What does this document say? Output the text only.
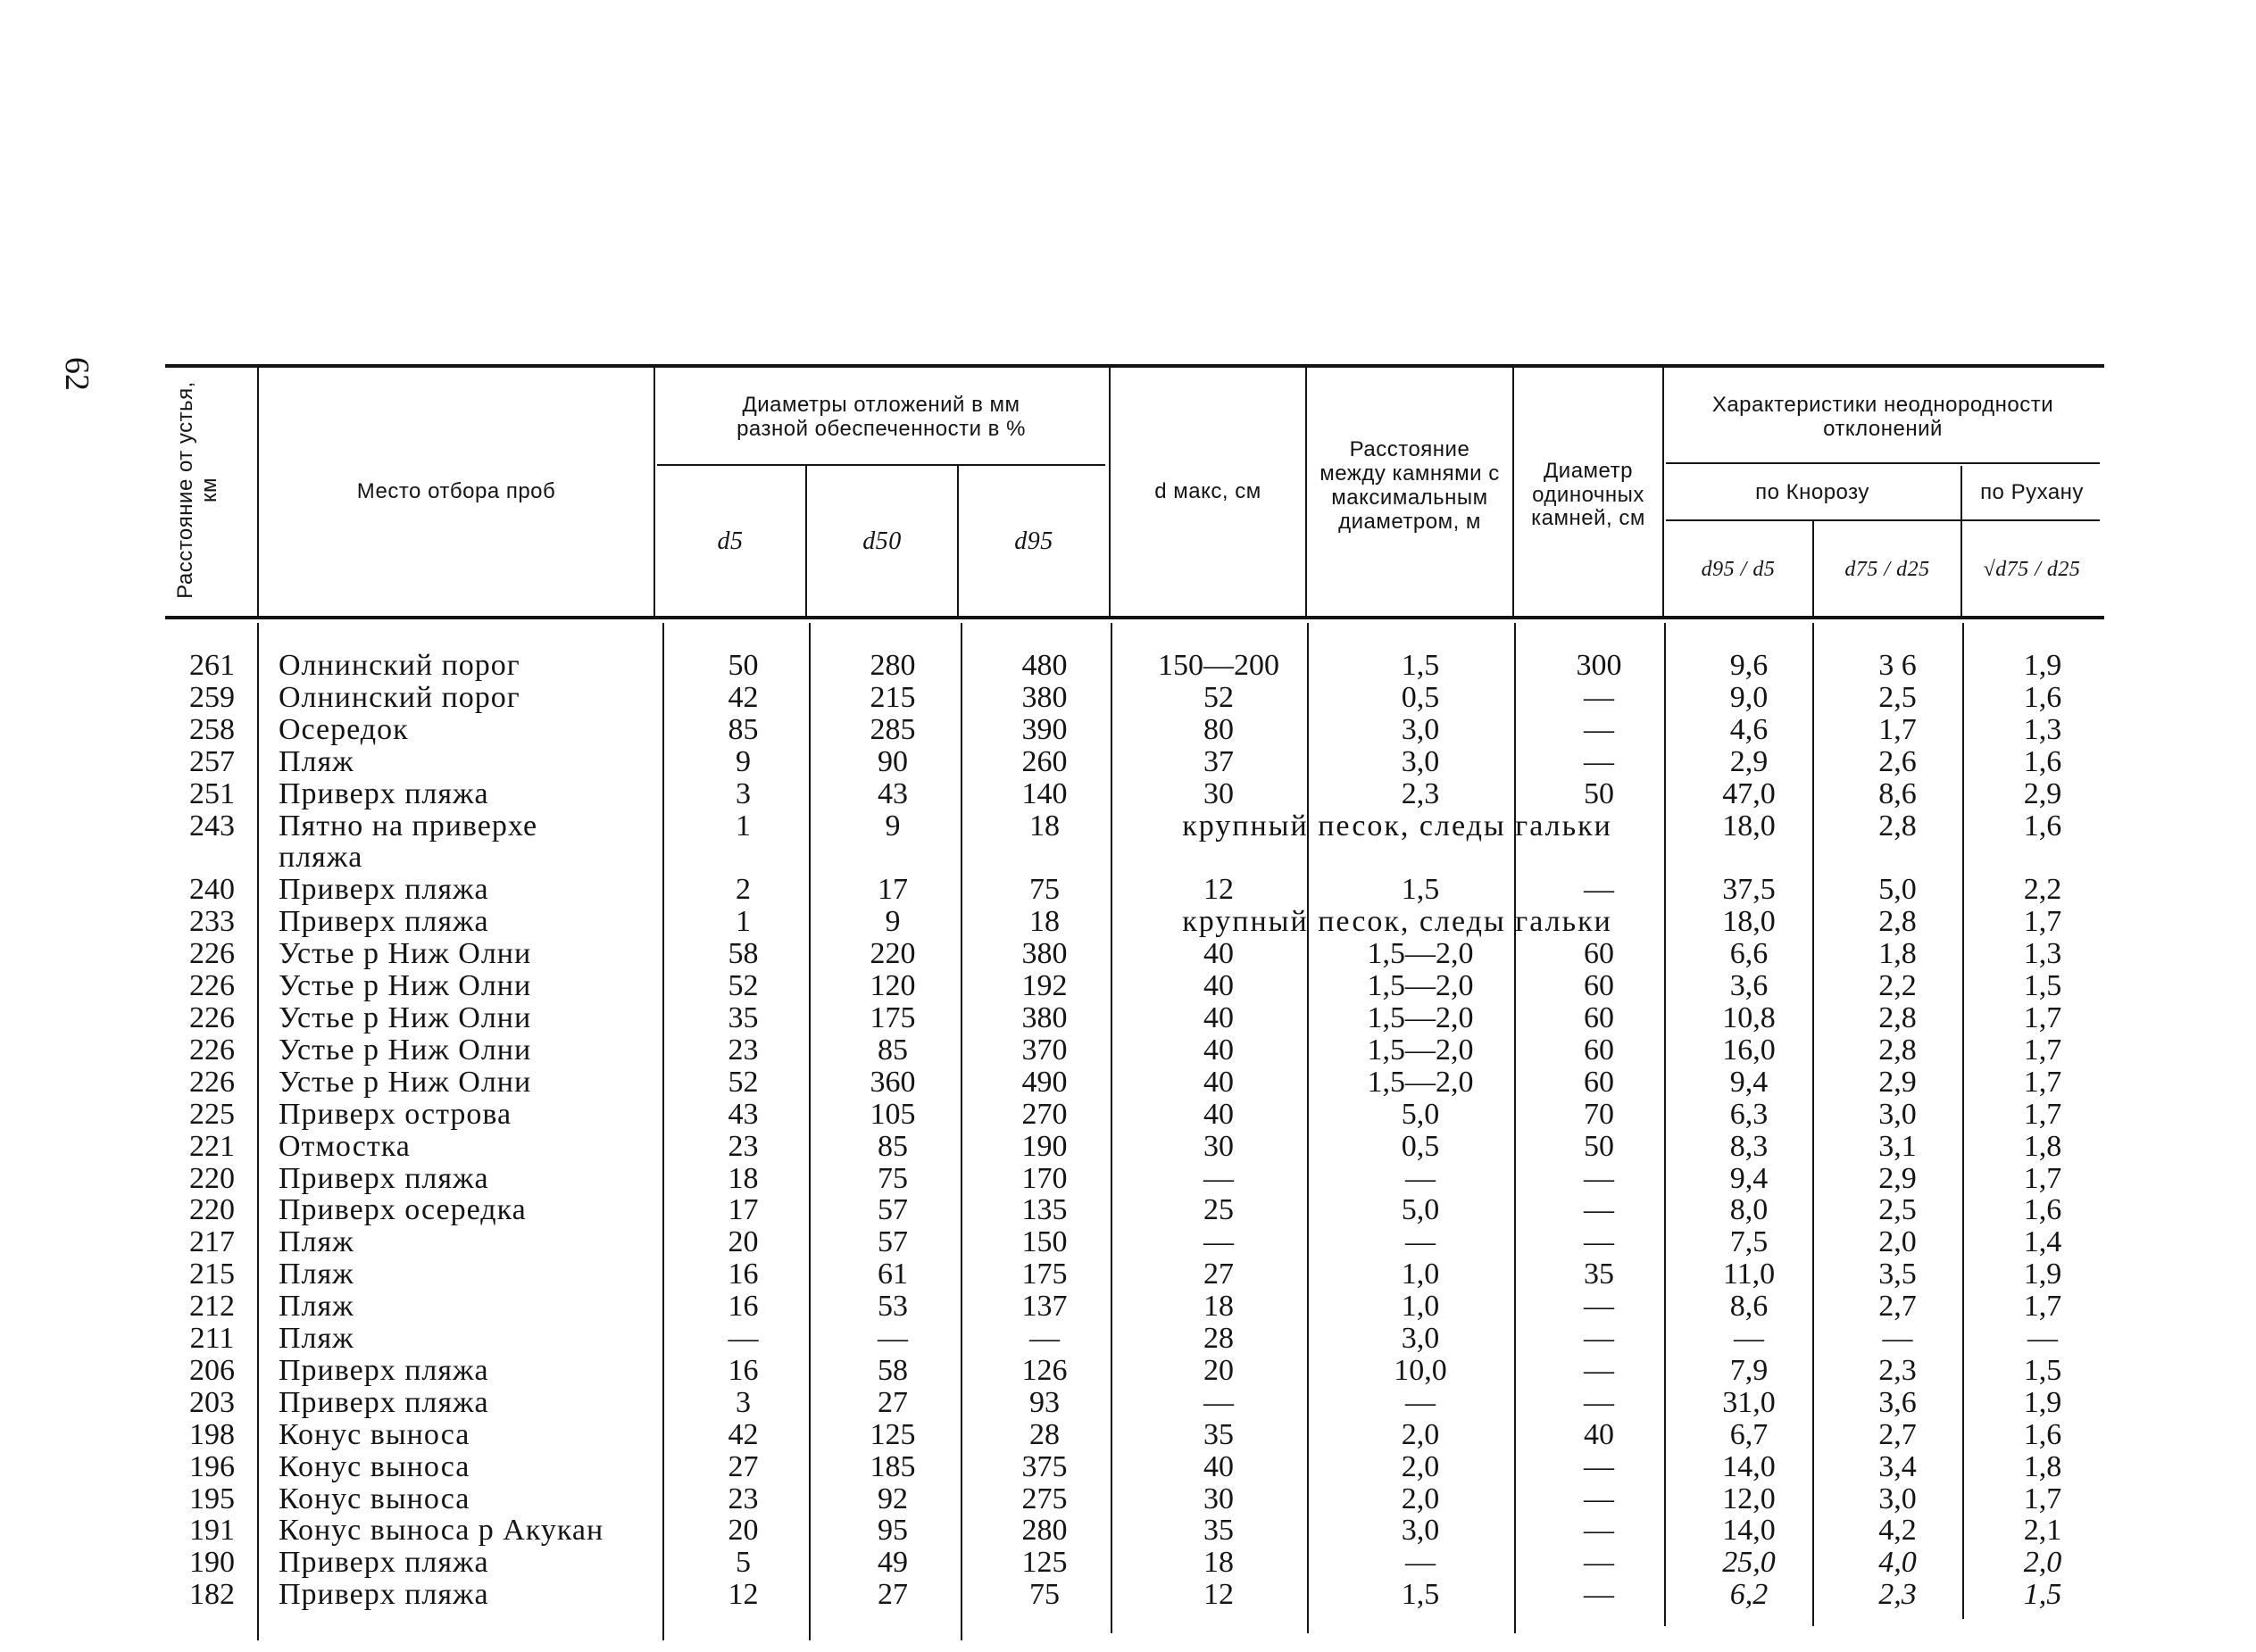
62
Расстояние от устья, км	Место отбора проб
Диаметры отложений в мм разной обеспеченности в %
d5	d50	d95
d макс, см
Расстояние между камнями с максимальным диаметром, м
Диаметр одиночных камней, см
Характеристики неоднородности отклонений
по Кнорозу	по Рухану
d95 / d5	d75 / d25	√d75 / d25
261	Олнинский порог	50	280	480	150—200	1,5	300	9,6	3 6	1,9
259	Олнинский порог	42	215	380	52	0,5	—	9,0	2,5	1,6
258	Осередок	85	285	390	80	3,0	—	4,6	1,7	1,3
257	Пляж	9	90	260	37	3,0	—	2,9	2,6	1,6
251	Приверх пляжа	3	43	140	30	2,3	50	47,0	8,6	2,9
243	Пятно на приверхе	1	9	18	крупный песок, следы гальки			18,0	2,8	1,6
	пляжа									
240	Приверх пляжа	2	17	75	12	1,5	—	37,5	5,0	2,2
233	Приверх пляжа	1	9	18	крупный песок, следы гальки			18,0	2,8	1,7
226	Устье р Ниж Олни	58	220	380	40	1,5—2,0	60	6,6	1,8	1,3
226	Устье р Ниж Олни	52	120	192	40	1,5—2,0	60	3,6	2,2	1,5
226	Устье р Ниж Олни	35	175	380	40	1,5—2,0	60	10,8	2,8	1,7
226	Устье р Ниж Олни	23	85	370	40	1,5—2,0	60	16,0	2,8	1,7
226	Устье р Ниж Олни	52	360	490	40	1,5—2,0	60	9,4	2,9	1,7
225	Приверх острова	43	105	270	40	5,0	70	6,3	3,0	1,7
221	Отмостка	23	85	190	30	0,5	50	8,3	3,1	1,8
220	Приверх пляжа	18	75	170	—	—	—	9,4	2,9	1,7
220	Приверх осередка	17	57	135	25	5,0	—	8,0	2,5	1,6
217	Пляж	20	57	150	—	—	—	7,5	2,0	1,4
215	Пляж	16	61	175	27	1,0	35	11,0	3,5	1,9
212	Пляж	16	53	137	18	1,0	—	8,6	2,7	1,7
211	Пляж	—	—	—	28	3,0	—	—	—	—
206	Приверх пляжа	16	58	126	20	10,0	—	7,9	2,3	1,5
203	Приверх пляжа	3	27	93	—	—	—	31,0	3,6	1,9
198	Конус выноса	42	125	28	35	2,0	40	6,7	2,7	1,6
196	Конус выноса	27	185	375	40	2,0	—	14,0	3,4	1,8
195	Конус выноса	23	92	275	30	2,0	—	12,0	3,0	1,7
191	Конус выноса р Акукан	20	95	280	35	3,0	—	14,0	4,2	2,1
190	Приверх пляжа	5	49	125	18	—	—	25,0	4,0	2,0
182	Приверх пляжа	12	27	75	12	1,5	—	6,2	2,3	1,5
